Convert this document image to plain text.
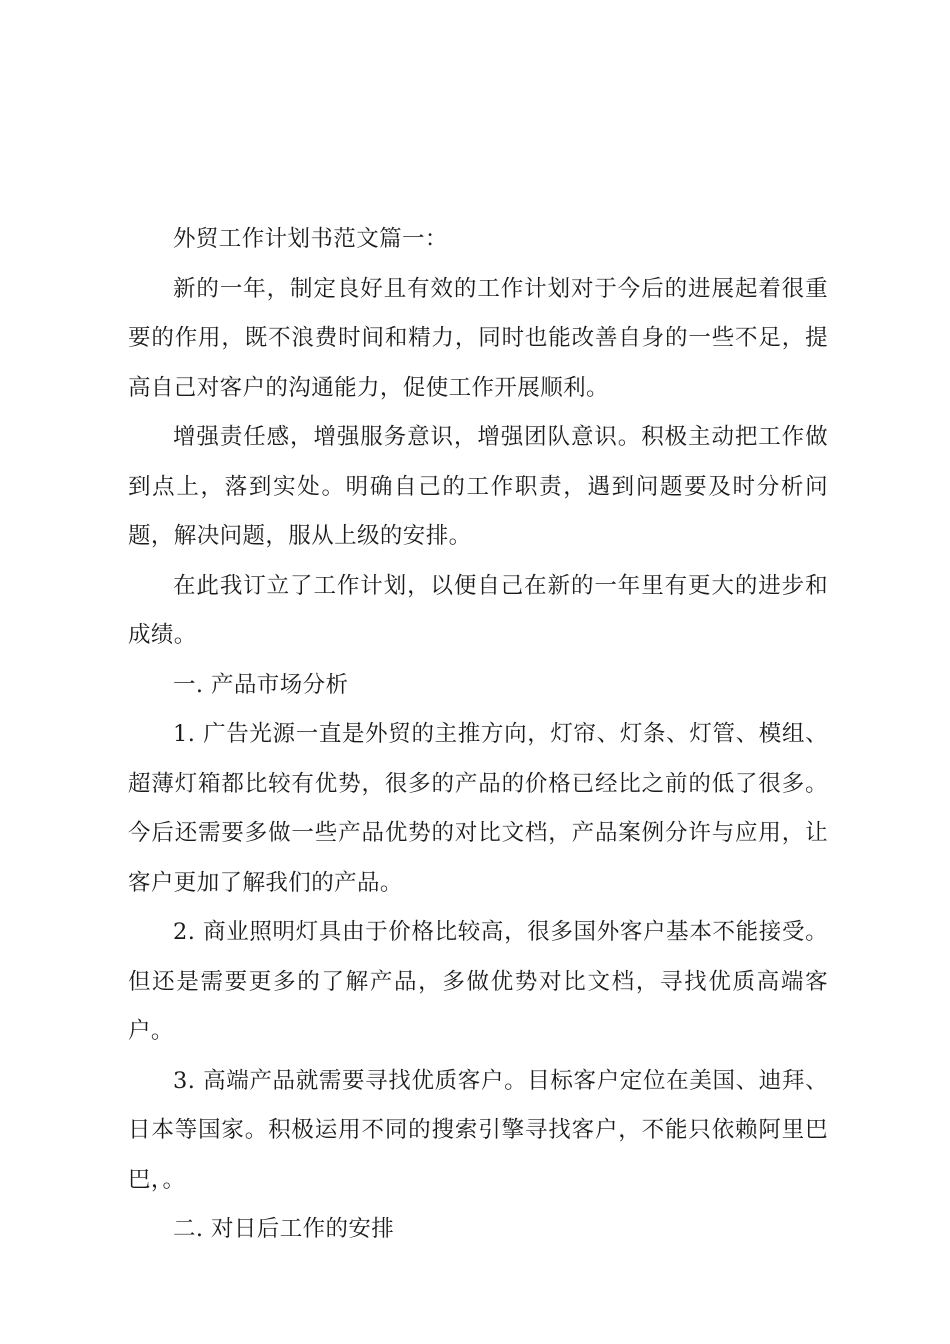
外贸工作计划书范文篇一：

新的一年，制定良好且有效的工作计划对于今后的进展起着很重要的作用，既不浪费时间和精力，同时也能改善自身的一些不足，提高自己对客户的沟通能力，促使工作开展顺利。

增强责任感，增强服务意识，增强团队意识。积极主动把工作做到点上，落到实处。明确自己的工作职责，遇到问题要及时分析问题，解决问题，服从上级的安排。

在此我订立了工作计划，以便自己在新的一年里有更大的进步和成绩。

一. 产品市场分析

1. 广告光源一直是外贸的主推方向，灯帘、灯条、灯管、模组、超薄灯箱都比较有优势，很多的产品的价格已经比之前的低了很多。今后还需要多做一些产品优势的对比文档，产品案例分许与应用，让客户更加了解我们的产品。

2. 商业照明灯具由于价格比较高，很多国外客户基本不能接受。但还是需要更多的了解产品，多做优势对比文档，寻找优质高端客户。

3. 高端产品就需要寻找优质客户。目标客户定位在美国、迪拜、日本等国家。积极运用不同的搜索引擎寻找客户，不能只依赖阿里巴巴，。

二. 对日后工作的安排
